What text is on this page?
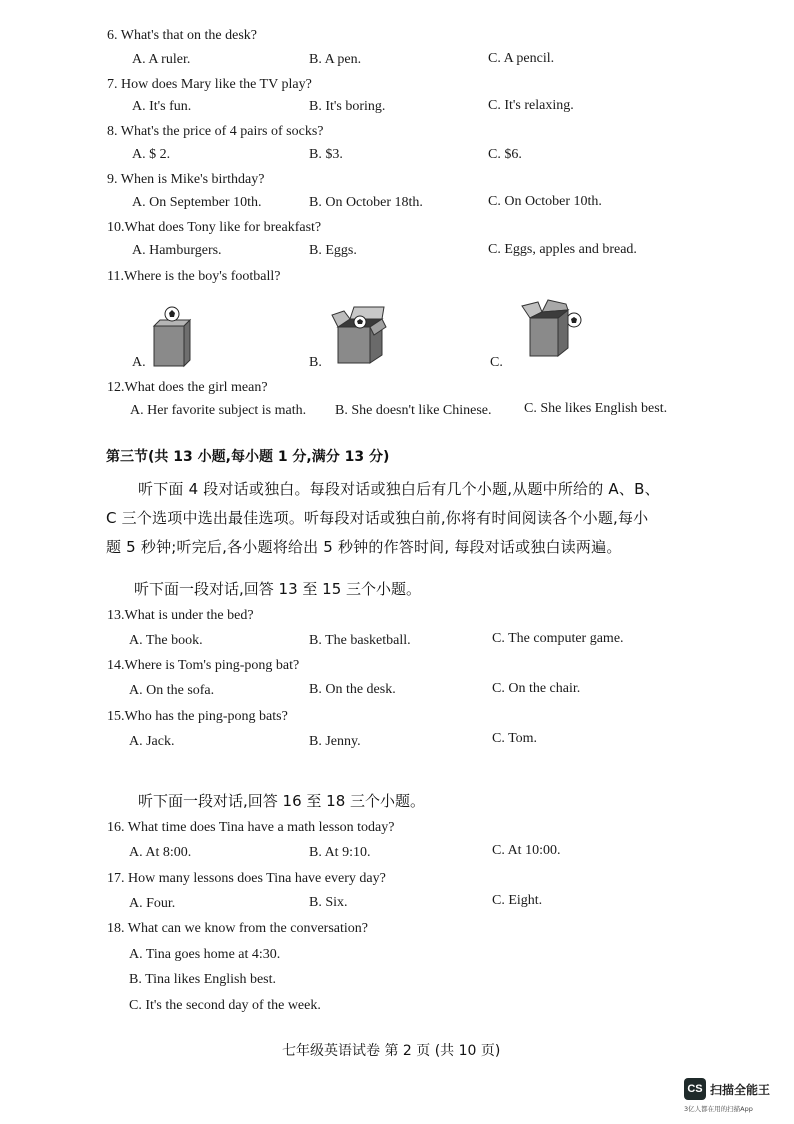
6. What's that on the desk?
A. A ruler.	B. A pen.	C. A pencil.
7. How does Mary like the TV play?
A. It's fun.	B. It's boring.	C. It's relaxing.
8. What's the price of 4 pairs of socks?
A. $ 2.	B. $3.	C. $6.
9. When is Mike's birthday?
A. On September 10th.	B. On October 18th.	C. On October 10th.
10.What does Tony like for breakfast?
A. Hamburgers.	B. Eggs.	C. Eggs, apples and bread.
11.Where is the boy's football?
A.	B.	C.
12.What does the girl mean?
A. Her favorite subject is math. B. She doesn't like Chinese. C. She likes English best.
第三节(共 13 小题,每小题 1 分,满分 13 分)
听下面 4 段对话或独白。每段对话或独白后有几个小题,从题中所给的 A、B、
C 三个选项中选出最佳选项。听每段对话或独白前,你将有时间阅读各个小题,每小
题 5 秒钟;听完后,各小题将给出 5 秒钟的作答时间, 每段对话或独白读两遍。
听下面一段对话,回答 13 至 15 三个小题。
13.What is under the bed?
A. The book.	B. The basketball.	C. The computer game.
14.Where is Tom's ping-pong bat?
A. On the sofa.	B. On the desk.	C. On the chair.
15.Who has the ping-pong bats?
A. Jack.	B. Jenny.	C. Tom.
听下面一段对话,回答 16 至 18 三个小题。
16. What time does Tina have a math lesson today?
A. At 8:00.	B. At 9:10.	C. At 10:00.
17. How many lessons does Tina have every day?
A. Four.	B. Six.	C. Eight.
18. What can we know from the conversation?
A. Tina goes home at 4:30.
B. Tina likes English best.
C. It's the second day of the week.
七年级英语试卷 第 2 页 (共 10 页)
CS 扫描全能王
3亿人都在用的扫描App
